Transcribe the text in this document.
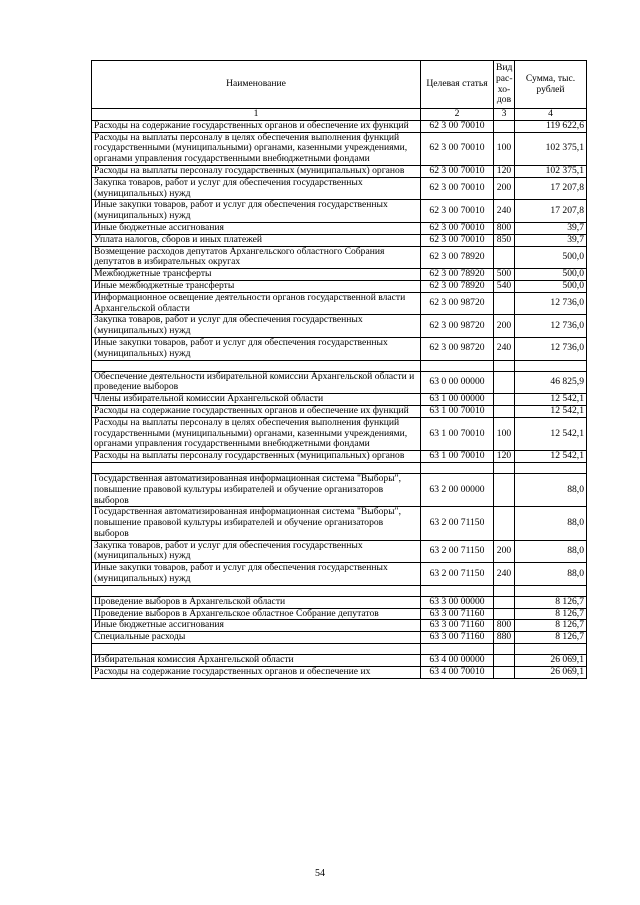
Наименование	Целевая статья	Вид рас-хо-дов	Сумма, тыс. рублей
1	2	3	4
Расходы на содержание государственных органов и обеспечение их функций	62 3 00 70010		119 622,6
Расходы на выплаты персоналу в целях обеспечения выполнения функций государственными (муниципальными) органами, казенными учреждениями, органами управления государственными внебюджетными фондами	62 3 00 70010	100	102 375,1
Расходы на выплаты персоналу государственных (муниципальных) органов	62 3 00 70010	120	102 375,1
Закупка товаров, работ и услуг для обеспечения государственных (муниципальных) нужд	62 3 00 70010	200	17 207,8
Иные закупки товаров, работ и услуг для обеспечения государственных (муниципальных) нужд	62 3 00 70010	240	17 207,8
Иные бюджетные ассигнования	62 3 00 70010	800	39,7
Уплата налогов, сборов и иных платежей	62 3 00 70010	850	39,7
Возмещение расходов депутатов Архангельского областного Собрания депутатов в избирательных округах	62 3 00 78920		500,0
Межбюджетные трансферты	62 3 00 78920	500	500,0
Иные межбюджетные трансферты	62 3 00 78920	540	500,0
Информационное освещение деятельности органов государственной власти Архангельской области	62 3 00 98720		12 736,0
Закупка товаров, работ и услуг для обеспечения государственных (муниципальных) нужд	62 3 00 98720	200	12 736,0
Иные закупки товаров, работ и услуг для обеспечения государственных (муниципальных) нужд	62 3 00 98720	240	12 736,0

Обеспечение деятельности избирательной комиссии Архангельской области и проведение выборов	63 0 00 00000		46 825,9
Члены избирательной комиссии Архангельской области	63 1 00 00000		12 542,1
Расходы на содержание государственных органов и обеспечение их функций	63 1 00 70010		12 542,1
Расходы на выплаты персоналу в целях обеспечения выполнения функций государственными (муниципальными) органами, казенными учреждениями, органами управления государственными внебюджетными фондами	63 1 00 70010	100	12 542,1
Расходы на выплаты персоналу государственных (муниципальных) органов	63 1 00 70010	120	12 542,1

Государственная автоматизированная информационная система "Выборы", повышение правовой культуры избирателей и обучение организаторов выборов	63 2 00 00000		88,0
Государственная автоматизированная информационная система "Выборы", повышение правовой культуры избирателей и обучение организаторов выборов	63 2 00 71150		88,0
Закупка товаров, работ и услуг для обеспечения государственных (муниципальных) нужд	63 2 00 71150	200	88,0
Иные закупки товаров, работ и услуг для обеспечения государственных (муниципальных) нужд	63 2 00 71150	240	88,0

Проведение выборов в Архангельской области	63 3 00 00000		8 126,7
Проведение выборов в Архангельское областное Собрание депутатов	63 3 00 71160		8 126,7
Иные бюджетные ассигнования	63 3 00 71160	800	8 126,7
Специальные расходы	63 3 00 71160	880	8 126,7

Избирательная комиссия Архангельской области	63 4 00 00000		26 069,1
Расходы на содержание государственных органов и обеспечение их	63 4 00 70010		26 069,1
54
